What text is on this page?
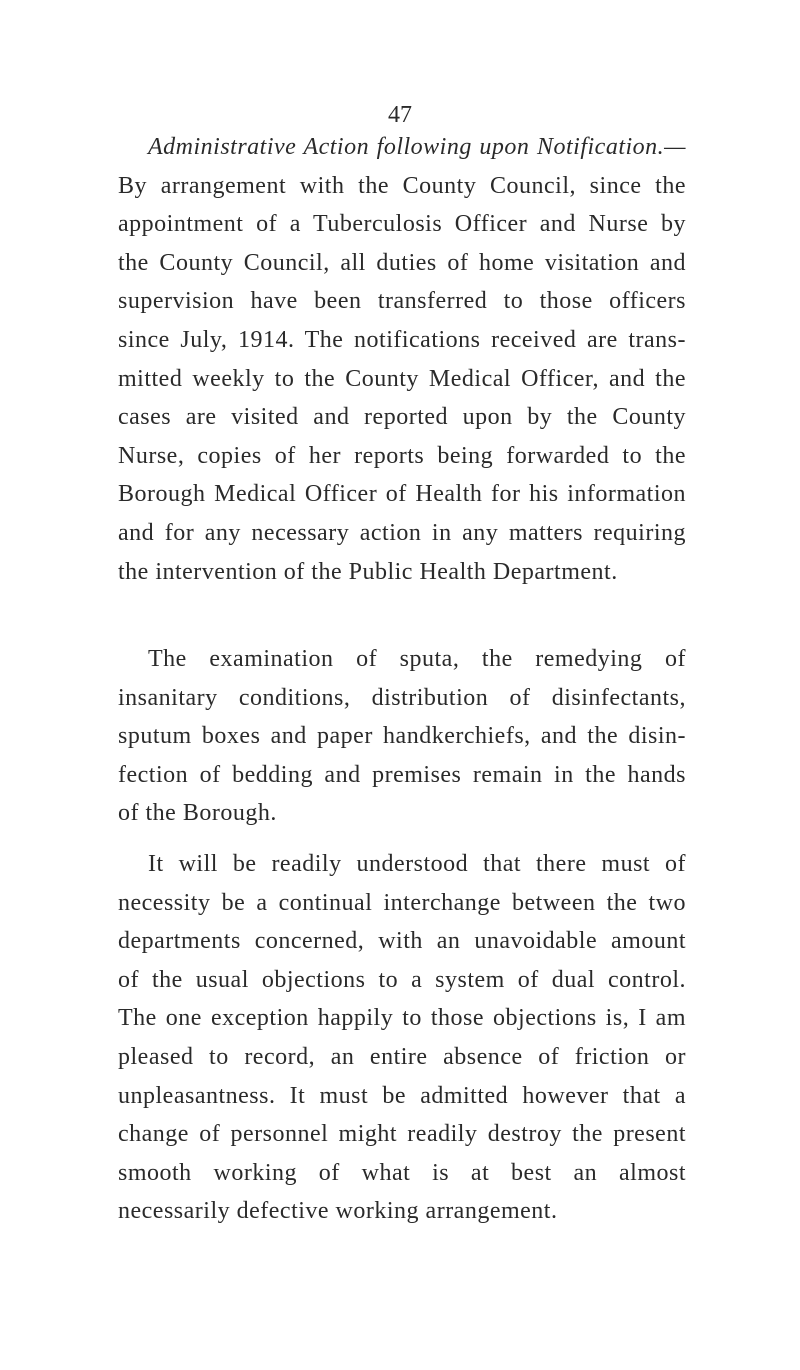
47
Administrative Action following upon Notification.—
By arrangement with the County Council, since the
appointment of a Tuberculosis Officer and Nurse by
the County Council, all duties of home visitation and
supervision have been transferred to those officers
since July, 1914. The notifications received are trans-
mitted weekly to the County Medical Officer, and the
cases are visited and reported upon by the County
Nurse, copies of her reports being forwarded to the
Borough Medical Officer of Health for his information
and for any necessary action in any matters requiring
the intervention of the Public Health Department.
The examination of sputa, the remedying of
insanitary conditions, distribution of disinfectants,
sputum boxes and paper handkerchiefs, and the disin-
fection of bedding and premises remain in the hands
of the Borough.
It will be readily understood that there must of
necessity be a continual interchange between the two
departments concerned, with an unavoidable amount
of the usual objections to a system of dual control.
The one exception happily to those objections is, I am
pleased to record, an entire absence of friction or
unpleasantness. It must be admitted however that a
change of personnel might readily destroy the present
smooth working of what is at best an almost
necessarily defective working arrangement.
